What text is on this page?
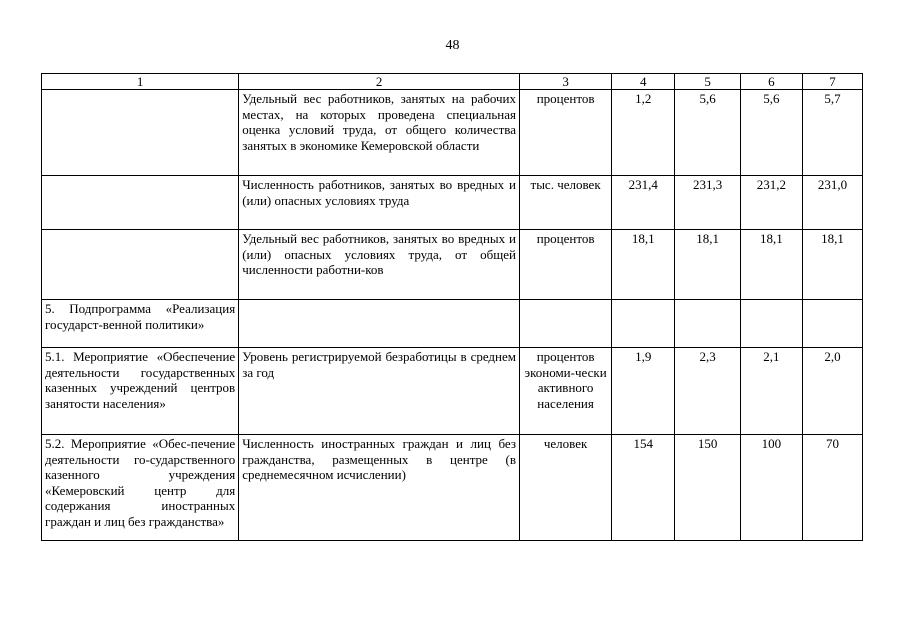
48
1	2	3	4	5	6	7
	Удельный вес работников, занятых на рабочих местах, на которых проведена специальная оценка условий труда, от общего количества занятых в экономике Кемеровской области	процентов	1,2	5,6	5,6	5,7
	Численность работников, занятых во вредных и (или) опасных условиях труда	тыс. человек	231,4	231,3	231,2	231,0
	Удельный вес работников, занятых во вредных и (или) опасных условиях труда, от общей численности работни-ков	процентов	18,1	18,1	18,1	18,1
5. Подпрограмма «Реализация государст-венной политики»						
5.1. Мероприятие «Обеспечение деятельности государственных казенных учреждений центров занятости населения»	Уровень регистрируемой безработицы в среднем за год	процентов экономи-чески активного населения	1,9	2,3	2,1	2,0
5.2. Мероприятие «Обес-печение деятельности го-сударственного казенного учреждения «Кемеровский центр для содержания иностранных граждан и лиц без гражданства»	Численность иностранных граждан и лиц без гражданства, размещенных в центре (в среднемесячном исчислении)	человек	154	150	100	70
